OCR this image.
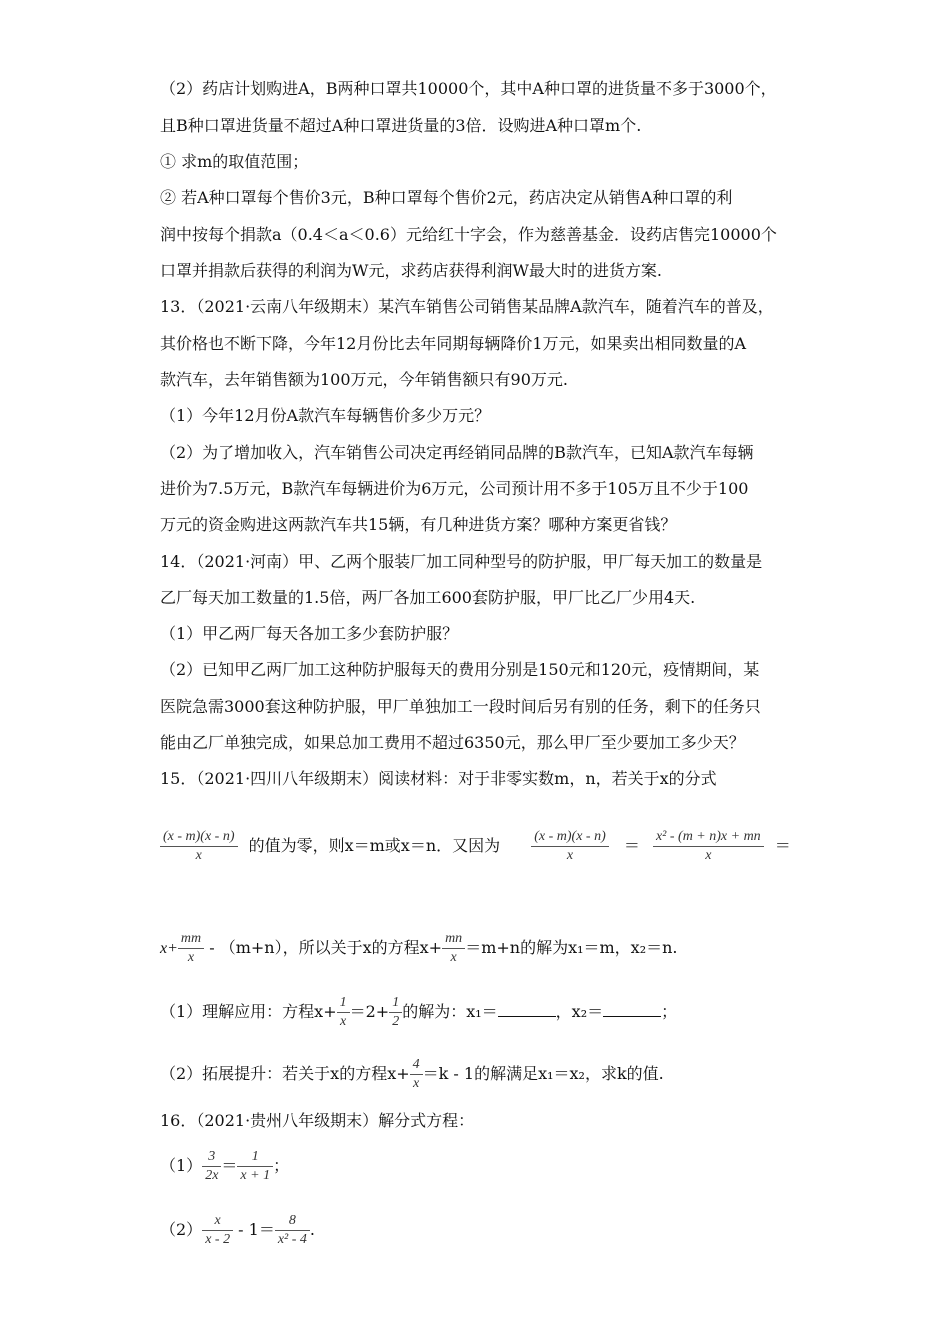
（2）药店计划购进A，B两种口罩共10000个，其中A种口罩的进货量不多于3000个，
且B种口罩进货量不超过A种口罩进货量的3倍．设购进A种口罩m个.
① 求m的取值范围；
② 若A种口罩每个售价3元，B种口罩每个售价2元，药店决定从销售A种口罩的利
润中按每个捐款a（0.4＜a＜0.6）元给红十字会，作为慈善基金．设药店售完10000个
口罩并捐款后获得的利润为W元，求药店获得利润W最大时的进货方案.
13．（2021·云南八年级期末）某汽车销售公司销售某品牌A款汽车，随着汽车的普及，
其价格也不断下降，今年12月份比去年同期每辆降价1万元，如果卖出相同数量的A
款汽车，去年销售额为100万元，今年销售额只有90万元.
（1）今年12月份A款汽车每辆售价多少万元？
（2）为了增加收入，汽车销售公司决定再经销同品牌的B款汽车，已知A款汽车每辆
进价为7.5万元，B款汽车每辆进价为6万元，公司预计用不多于105万且不少于100
万元的资金购进这两款汽车共15辆，有几种进货方案？哪种方案更省钱？
14．（2021·河南）甲、乙两个服装厂加工同种型号的防护服，甲厂每天加工的数量是
乙厂每天加工数量的1.5倍，两厂各加工600套防护服，甲厂比乙厂少用4天.
（1）甲乙两厂每天各加工多少套防护服？
（2）已知甲乙两厂加工这种防护服每天的费用分别是150元和120元，疫情期间，某
医院急需3000套这种防护服，甲厂单独加工一段时间后另有别的任务，剩下的任务只
能由乙厂单独完成，如果总加工费用不超过6350元，那么甲厂至少要加工多少天？
15．（2021·四川八年级期末）阅读材料：对于非零实数m，n，若关于x的分式
$\frac{(x - m)(x - n)}{x}$ 的值为零，则x＝m或x＝n．又因为 $\frac{(x - m)(x - n)}{x} = \frac{\text{x² - (m + n)x + mn}}{x}$ ＝
$x+ \frac{mm}{x} - (m+n)$，所以关于x的方程$x+ \frac{mn}{x} =m+n$的解为x₁＝m，x₂＝n.
（1）理解应用：方程$x+ \frac{1}{x} =2+ \frac{1}{2}$ 的解为：x₁＝	，x₂＝	；
（2）拓展提升：若关于x的方程$x+ \frac{4}{x} =k - 1$的解满足x₁＝x₂，求k的值.
16．（2021·贵州八年级期末）解分式方程：
$(1) \frac{3}{2x} = \frac{1}{x + 1}$ ；
$(2) \frac{x}{x - 2} - 1= \frac{8}{\text{x² - 4}}$ .
